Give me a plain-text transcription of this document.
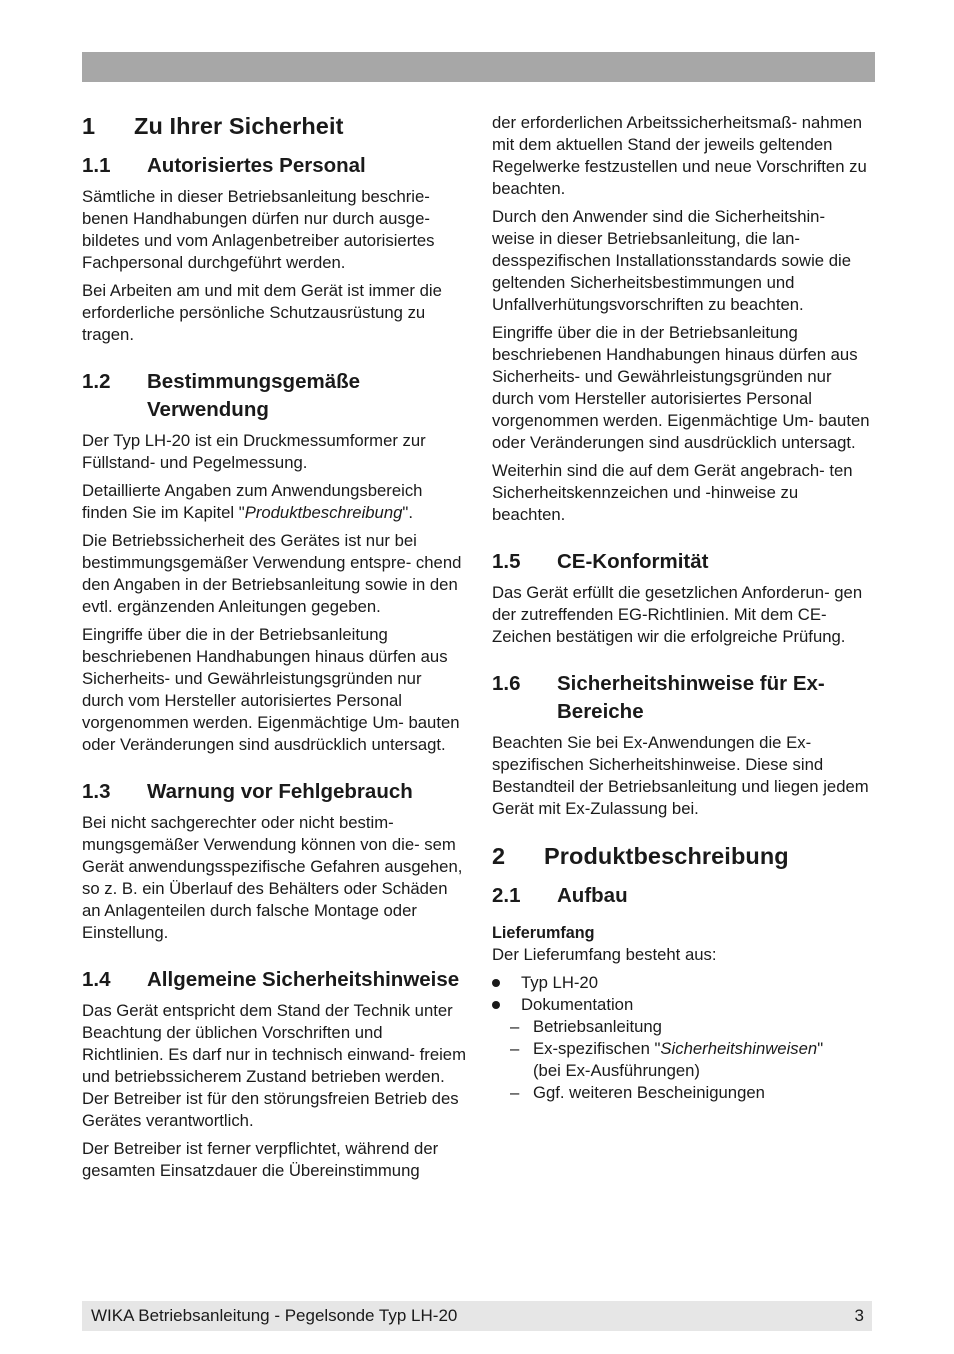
1	Zu Ihrer Sicherheit
1.1	Autorisiertes Personal

Sämtliche in dieser Betriebsanleitung beschrie- benen Handhabungen dürfen nur durch ausge- bildetes und vom Anlagenbetreiber autorisiertes Fachpersonal durchgeführt werden.

Bei Arbeiten am und mit dem Gerät ist immer die erforderliche persönliche Schutzausrüstung zu tragen.

1.2	Bestimmungsgemäße Verwendung

Der Typ LH-20 ist ein Druckmessumformer zur Füllstand- und Pegelmessung.

Detaillierte Angaben zum Anwendungsbereich finden Sie im Kapitel "Produktbeschreibung".

Die Betriebssicherheit des Gerätes ist nur bei bestimmungsgemäßer Verwendung entspre- chend den Angaben in der Betriebsanleitung sowie in den evtl. ergänzenden Anleitungen gegeben.

Eingriffe über die in der Betriebsanleitung beschriebenen Handhabungen hinaus dürfen aus Sicherheits- und Gewährleistungsgründen nur durch vom Hersteller autorisiertes Personal vorgenommen werden. Eigenmächtige Um- bauten oder Veränderungen sind ausdrücklich untersagt.

1.3	Warnung vor Fehlgebrauch

Bei nicht sachgerechter oder nicht bestim- mungsgemäßer Verwendung können von die- sem Gerät anwendungsspezifische Gefahren ausgehen, so z. B. ein Überlauf des Behälters oder Schäden an Anlagenteilen durch falsche Montage oder Einstellung.

1.4	Allgemeine Sicherheitshinweise

Das Gerät entspricht dem Stand der Technik unter Beachtung der üblichen Vorschriften und Richtlinien. Es darf nur in technisch einwand- freiem und betriebssicherem Zustand betrieben werden. Der Betreiber ist für den störungsfreien Betrieb des Gerätes verantwortlich.

Der Betreiber ist ferner verpflichtet, während der gesamten Einsatzdauer die Übereinstimmung

der erforderlichen Arbeitssicherheitsmaß- nahmen mit dem aktuellen Stand der jeweils geltenden Regelwerke festzustellen und neue Vorschriften zu beachten.

Durch den Anwender sind die Sicherheitshin- weise in dieser Betriebsanleitung, die lan- desspezifischen Installationsstandards sowie die geltenden Sicherheitsbestimmungen und Unfallverhütungsvorschriften zu beachten.

Eingriffe über die in der Betriebsanleitung beschriebenen Handhabungen hinaus dürfen aus Sicherheits- und Gewährleistungsgründen nur durch vom Hersteller autorisiertes Personal vorgenommen werden. Eigenmächtige Um- bauten oder Veränderungen sind ausdrücklich untersagt.

Weiterhin sind die auf dem Gerät angebrach- ten Sicherheitskennzeichen und -hinweise zu beachten.

1.5	CE-Konformität

Das Gerät erfüllt die gesetzlichen Anforderun- gen der zutreffenden EG-Richtlinien. Mit dem CE-Zeichen bestätigen wir die erfolgreiche Prüfung.

1.6	Sicherheitshinweise für Ex-Bereiche

Beachten Sie bei Ex-Anwendungen die Ex- spezifischen Sicherheitshinweise. Diese sind Bestandteil der Betriebsanleitung und liegen jedem Gerät mit Ex-Zulassung bei.

2	Produktbeschreibung
2.1	Aufbau
Lieferumfang

Der Lieferumfang besteht aus:

Typ LH-20
Dokumentation
– Betriebsanleitung
– Ex-spezifischen "Sicherheitshinweisen"
(bei Ex-Ausführungen)
– Ggf. weiteren Bescheinigungen
WIKA Betriebsanleitung - Pegelsonde Typ LH-20	3
